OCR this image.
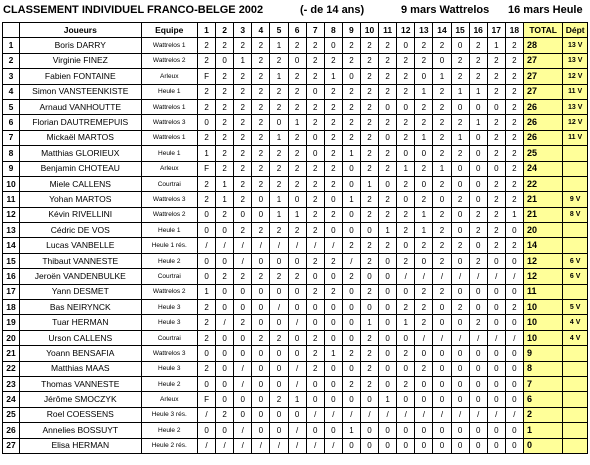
CLASSEMENT INDIVIDUEL FRANCO-BELGE 2002	(- de 14 ans)	9 mars Wattrelos 16 mars Heule
	Joueurs	Equipe	1	2	3	4	5	6	7	8	9	10	11	12	13	14	15	16	17	18	TOTAL	Dépt
1	Boris DARRY	Wattrelos 1	2	2	2	2	1	2	2	0	2	2	2	0	2	2	0	2	1	2	28	13 V
2	Virginie FINEZ	Wattrelos 2	2	0	1	2	2	0	2	2	2	2	2	2	2	0	2	2	2	2	27	13 V
3	Fabien FONTAINE	Arleux	F	2	2	2	1	2	2	1	0	2	2	2	0	1	2	2	2	2	27	12 V
4	Simon VANSTEENKISTE	Heule 1	2	2	2	2	2	2	0	2	2	2	2	2	1	2	1	1	2	2	27	11 V
5	Arnaud VANHOUTTE	Wattrelos 1	2	2	2	2	2	2	2	2	2	2	0	0	2	2	0	0	0	2	26	13 V
6	Florian DAUTREMEPUIS	Wattrelos 3	0	2	2	2	0	1	2	2	2	2	2	2	2	2	2	1	2	2	26	12 V
7	Mickaël MARTOS	Wattrelos 1	2	2	2	2	1	2	0	2	2	2	0	2	1	2	1	0	2	2	26	11 V
8	Matthias GLORIEUX	Heule 1	1	2	2	2	2	2	0	2	1	2	2	0	0	2	2	0	2	2	25	
9	Benjamin CHOTEAU	Arleux	F	2	2	2	2	2	2	2	0	2	2	1	2	1	0	0	0	2	24	
10	Miele CALLENS	Courtrai	2	1	2	2	2	2	2	2	0	1	0	2	0	2	0	0	2	2	22	
11	Yohan MARTOS	Wattrelos 3	2	1	2	0	1	0	2	0	1	2	2	0	2	0	2	0	2	2	21	9 V
12	Kévin RIVELLINI	Wattrelos 2	0	2	0	0	1	1	2	2	0	2	2	2	1	2	0	2	2	1	21	8 V
13	Cédric DE VOS	Heule 1	0	0	2	2	2	2	2	0	0	0	1	2	1	2	0	2	2	0	20	
14	Lucas VANBELLE	Heule 1 rés.	/	/	/	/	/	/	/	/	2	2	2	0	2	2	2	0	2	2	14	
15	Thibaut VANNESTE	Heule 2	0	0	/	0	0	0	2	2	/	2	0	2	0	2	0	2	0	0	12	6 V
16	Jeroën VANDENBULKE	Courtrai	0	2	2	2	2	2	0	0	2	0	0	/	/	/	/	/	/	/	12	6 V
17	Yann DESMET	Wattrelos 2	1	0	0	0	0	0	2	2	0	2	0	0	2	2	0	0	0	0	11	
18	Bas NEIRYNCK	Heule 3	2	0	0	0	/	0	0	0	0	0	0	2	2	0	2	0	0	2	10	5 V
19	Tuar HERMAN	Heule 3	2	/	2	0	0	/	0	0	0	1	0	1	2	0	0	2	0	0	10	4 V
20	Urson CALLENS	Courtrai	2	0	0	2	2	0	2	0	0	2	0	0	/	/	/	/	/	/	10	4 V
21	Yoann BENSAFIA	Wattrelos 3	0	0	0	0	0	0	2	1	2	2	0	2	0	0	0	0	0	0	9	
22	Matthias MAAS	Heule 3	2	0	/	0	0	/	2	0	0	2	0	0	2	0	0	0	0	0	8	
23	Thomas VANNESTE	Heule 2	0	0	/	0	0	/	0	0	2	2	0	2	0	0	0	0	0	0	7	
24	Jérôme SMOCZYK	Arleux	F	0	0	0	2	1	0	0	0	0	1	0	0	0	0	0	0	0	6	
25	Roel COESSENS	Heule 3 rés.	/	2	0	0	0	0	/	/	/	/	/	/	/	/	/	/	/	/	2	
26	Annelies BOSSUYT	Heule 2	0	0	/	0	0	/	0	0	1	0	0	0	0	0	0	0	0	0	1	
27	Elisa HERMAN	Heule 2 rés.	/	/	/	/	/	/	/	/	0	0	0	0	0	0	0	0	0	0	0	
